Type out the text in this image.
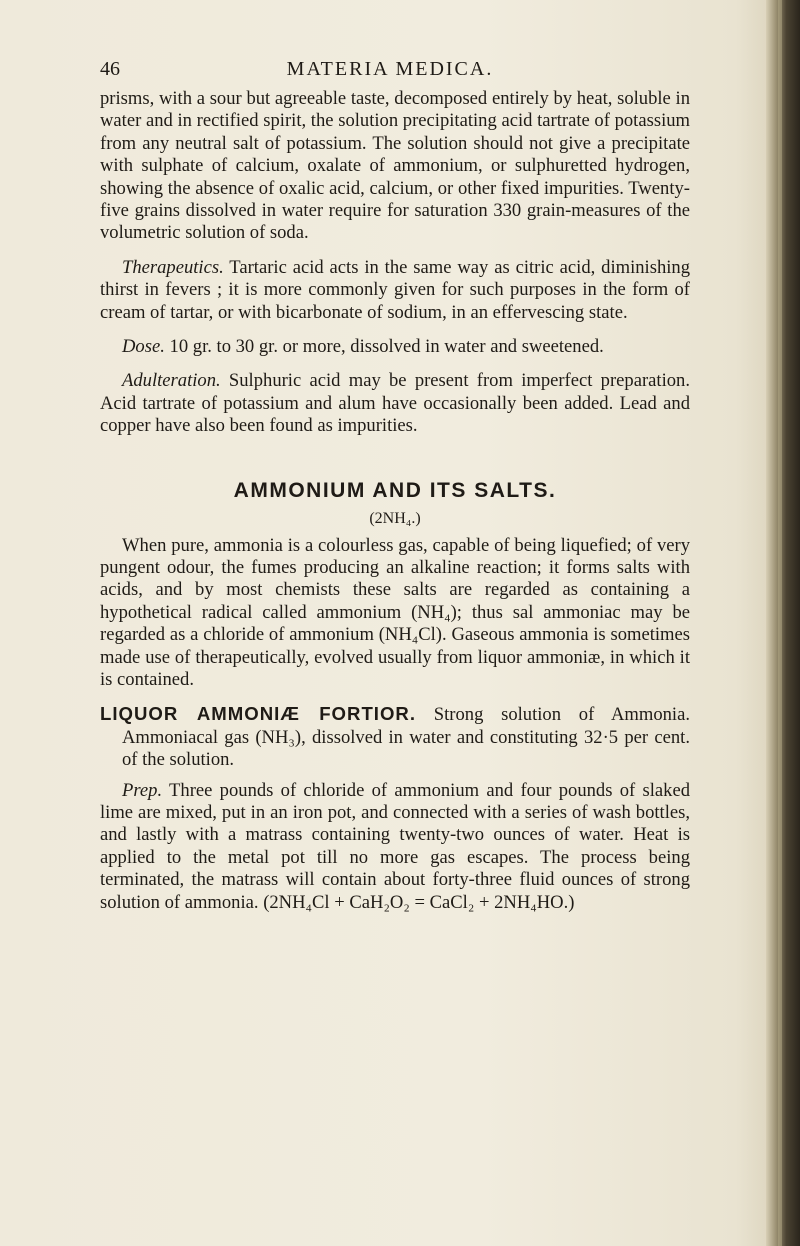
46	MATERIA MEDICA.

prisms, with a sour but agreeable taste, decomposed entirely by heat, soluble in water and in rectified spirit, the solution precipitating acid tartrate of potassium from any neutral salt of potassium. The solution should not give a precipitate with sulphate of calcium, oxalate of ammonium, or sulphuretted hydrogen, showing the absence of oxalic acid, calcium, or other fixed impurities. Twenty-five grains dissolved in water require for saturation 330 grain-measures of the volumetric solution of soda.

Therapeutics. Tartaric acid acts in the same way as citric acid, diminishing thirst in fevers ; it is more commonly given for such purposes in the form of cream of tartar, or with bicarbonate of sodium, in an effervescing state.

Dose. 10 gr. to 30 gr. or more, dissolved in water and sweetened.

Adulteration. Sulphuric acid may be present from imperfect preparation. Acid tartrate of potassium and alum have occasionally been added. Lead and copper have also been found as impurities.

AMMONIUM AND ITS SALTS.
(2NH₄.)

When pure, ammonia is a colourless gas, capable of being liquefied; of very pungent odour, the fumes producing an alkaline reaction; it forms salts with acids, and by most chemists these salts are regarded as containing a hypothetical radical called ammonium (NH₄); thus sal ammoniac may be regarded as a chloride of ammonium (NH₄Cl). Gaseous ammonia is sometimes made use of therapeutically, evolved usually from liquor ammoniæ, in which it is contained.

LIQUOR AMMONIÆ FORTIOR. Strong solution of Ammonia. Ammoniacal gas (NH₃), dissolved in water and constituting 32·5 per cent. of the solution.

Prep. Three pounds of chloride of ammonium and four pounds of slaked lime are mixed, put in an iron pot, and connected with a series of wash bottles, and lastly with a matrass containing twenty-two ounces of water. Heat is applied to the metal pot till no more gas escapes. The process being terminated, the matrass will contain about forty-three fluid ounces of strong solution of ammonia. (2NH₄Cl + CaH₂O₂ = CaCl₂ + 2NH₄HO.)
